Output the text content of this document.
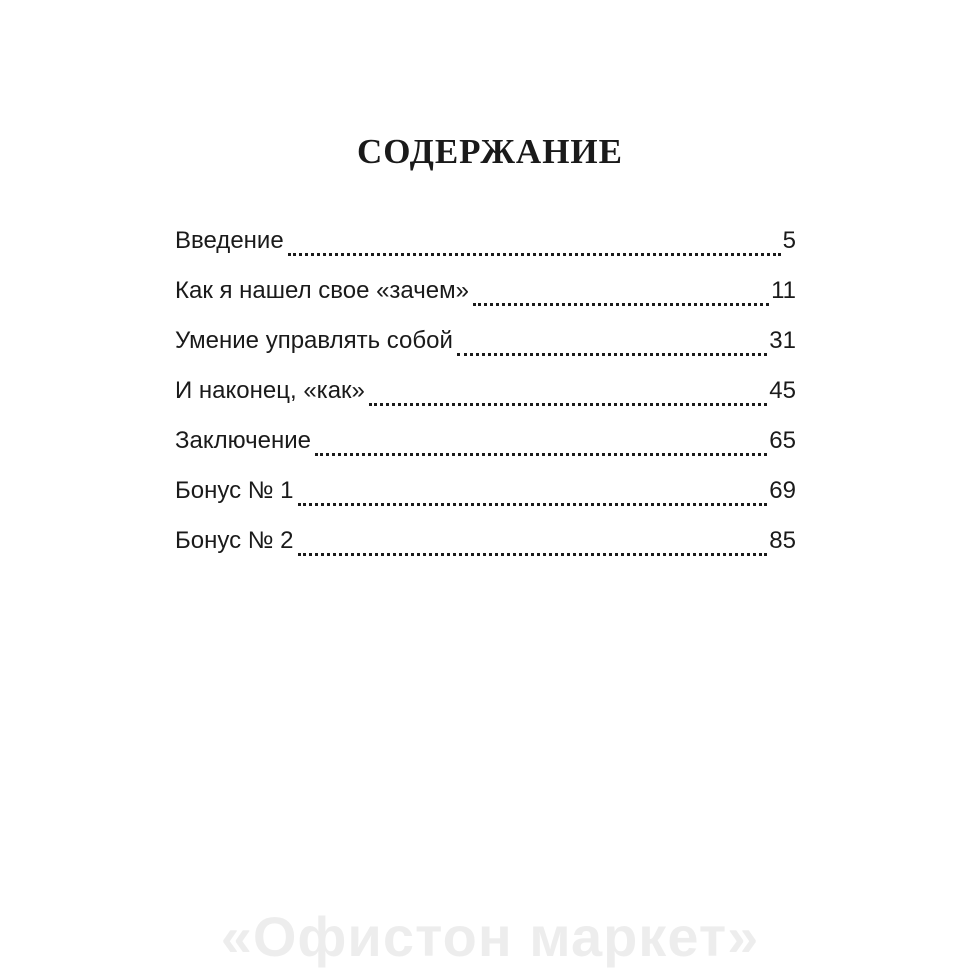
СОДЕРЖАНИЕ
Введение	5
Как я нашел свое «зачем»	11
Умение управлять собой	31
И наконец, «как»	45
Заключение	65
Бонус № 1	69
Бонус № 2	85
«Офистон маркет»
